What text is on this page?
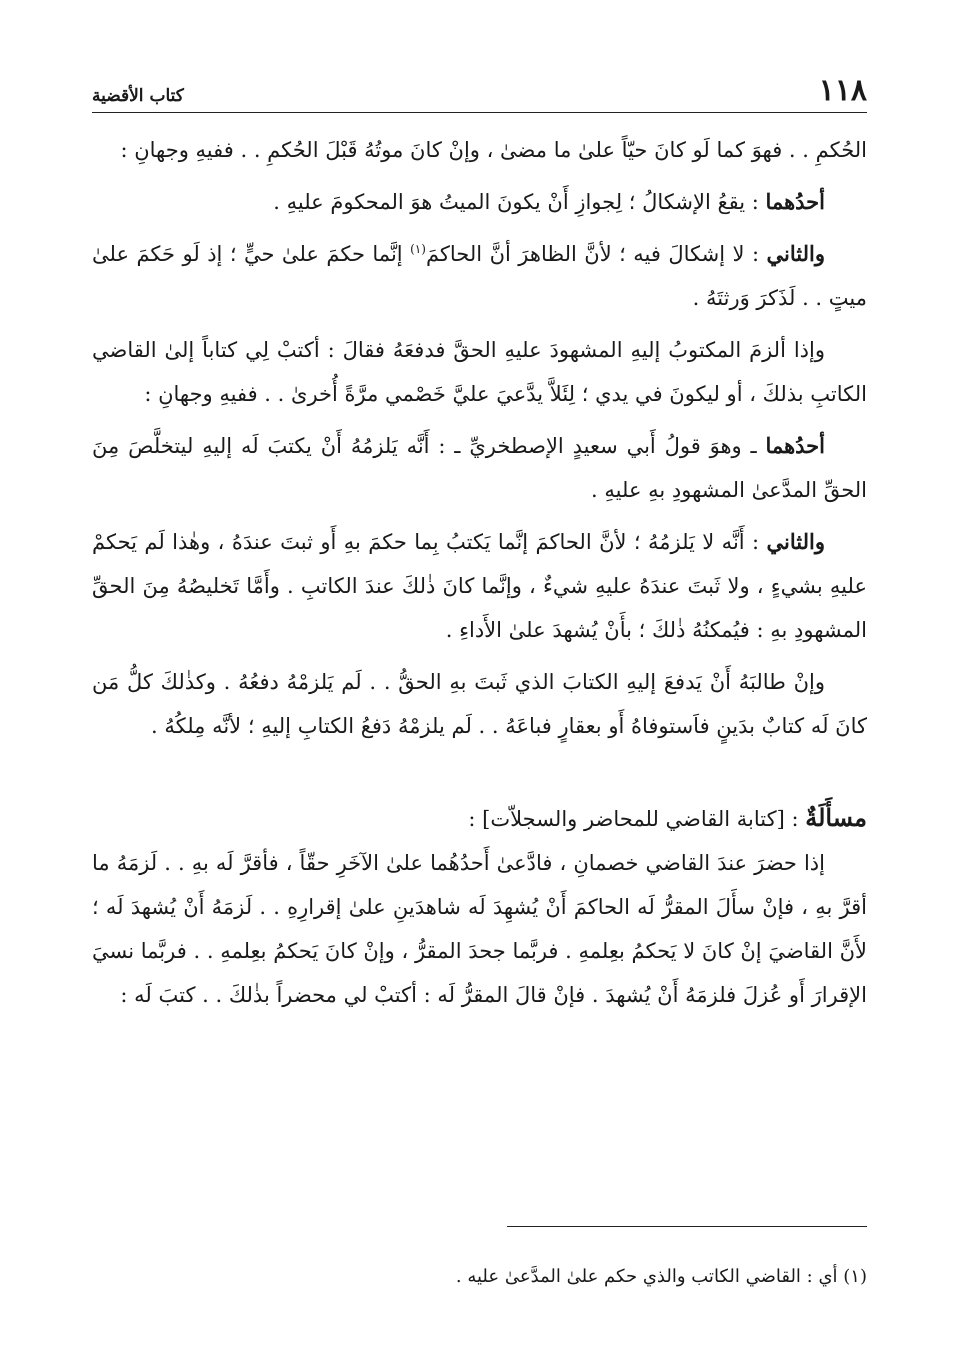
١١٨
كتاب الأقضية

الحُكمِ . . فهوَ كما لَو كانَ حيّاً علىٰ ما مضىٰ ، وإنْ كانَ موتُهُ قَبْلَ الحُكمِ . . ففيهِ وجهانِ :

أحدُهما : يقعُ الإشكالُ ؛ لِجوازِ أَنْ يكونَ الميتُ هوَ المحكومَ عليهِ .

والثاني : لا إشكالَ فيه ؛ لأنَّ الظاهرَ أنَّ الحاكمَ$^{(١)}$ إنَّما حكمَ علىٰ حيٍّ ؛ إذ لَو حَكمَ علىٰ ميتٍ . . لَذَكرَ وَرثتَهُ .

وإذا ألزمَ المكتوبُ إليهِ المشهودَ عليهِ الحقَّ فدفعَهُ فقالَ : أكتبْ لِي كتاباً إلىٰ القاضي الكاتبِ بذلكَ ، أو ليكونَ في يدي ؛ لِئَلاَّ يدَّعيَ عليَّ خَصْمي مرَّةً أُخرىٰ . . ففيهِ وجهانِ :

أحدُهما ـ وهوَ قولُ أَبي سعيدٍ الإصطخريِّ ـ : أَنَّه يَلزمُهُ أَنْ يكتبَ لَه إليهِ ليتخلَّصَ مِنَ الحقِّ المدَّعىٰ المشهودِ بهِ عليهِ .

والثاني : أَنَّه لا يَلزمُهُ ؛ لأنَّ الحاكمَ إنَّما يَكتبُ بِما حكمَ بهِ أَو ثبتَ عندَهُ ، وهٰذا لَم يَحكمْ عليهِ بشيءٍ ، ولا ثَبتَ عندَهُ عليهِ شيءٌ ، وإنَّما كانَ ذٰلكَ عندَ الكاتبِ . وأَمَّا تَخليصُهُ مِنَ الحقِّ المشهودِ بهِ : فيُمكنُهُ ذٰلكَ ؛ بأَنْ يُشهدَ علىٰ الأَداءِ .

وإنْ طالبَهُ أَنْ يَدفعَ إليهِ الكتابَ الذي ثَبتَ بهِ الحقُّ . . لَم يَلزمْهُ دفعُهُ . وكذٰلكَ كلُّ مَن كانَ لَه كتابٌ بدَينٍ فاَستوفاهُ أَو بعقارٍ فباعَهُ . . لَم يلزمْهُ دَفعُ الكتابِ إليهِ ؛ لأنَّه مِلكُهُ .

مسأَلَةٌ : [كتابة القاضي للمحاضر والسجلاّت] :

إذا حضرَ عندَ القاضي خصمانِ ، فادَّعىٰ أَحدُهُما علىٰ الآخَرِ حقّاً ، فأقرَّ لَه بهِ . . لَزمَهُ ما أقرَّ بهِ ، فإنْ سأَلَ المقرُّ لَه الحاكمَ أَنْ يُشهِدَ لَه شاهدَينِ علىٰ إقرارِهِ . . لَزمَهُ أَنْ يُشهدَ لَه ؛ لأَنَّ القاضيَ إنْ كانَ لا يَحكمُ بعِلمهِ . فربَّما جحدَ المقرُّ ، وإنْ كانَ يَحكمُ بعِلمهِ . . فربَّما نسيَ الإقرارَ أَو عُزلَ فلزمَهُ أَنْ يُشهدَ . فإنْ قالَ المقرُّ لَه : أكتبْ لي محضراً بذٰلكَ . . كتبَ لَه :

(١) أي : القاضي الكاتب والذي حكم علىٰ المدَّعىٰ عليه .
